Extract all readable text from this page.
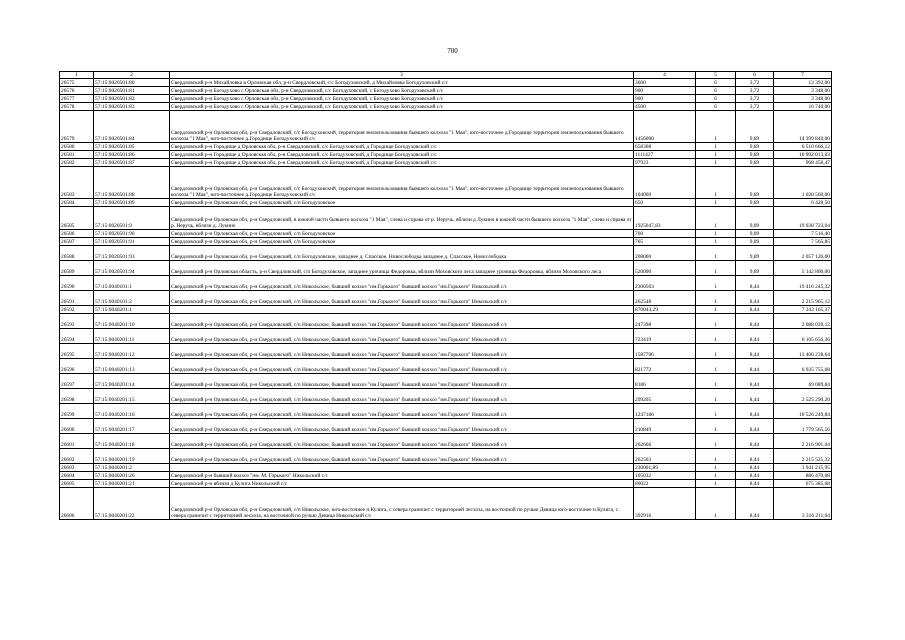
700
1	2	3	4	5	6	7
26575	57:15:0020501:80	Свердловский р-н Михайловка в Орловская обл, р-н Свердловский, с/с Богодуховский, д Михайловка Богодуховский с/с	3600	6	3,72	13 392,00
26576	57:15:0020501:81	Свердловский р-н Богодухово с Орловская обл, р-н Свердловский, с/с Богодуховский, с Богодухово Богодуховский с/с	900	6	3,72	3 348,00
26577	57:15:0020501:82	Свердловский р-н Богодухово с Орловская обл, р-н Свердловский, с/с Богодуховский, с Богодухово Богодуховский с/с	900	6	3,72	3 348,00
26578	57:15:0020501:83	Свердловский р-н Богодухово с Орловская обл, р-н Свердловский, с/с Богодуховский, с Богодухово Богодуховский с/с	4500	6	3,72	16 740,00
26579	57:15:0020501:84	Свердловский р-н Орловская обл, р-н Свердловский, с/с Богодуховский, территория землепользования бывшего колхоза "1 Мая", юго-восточнее д.Городище территория землепользования бывшего колхоза "1 Мая", юго-восточнее д.Городище Богодуховский с/с	1456000	1	9,89	14 399 840,00
26580	57:15:0020501:85	Свердловский р-н Городище д Орловская обл, р-н Свердловский, с/с Богодуховский, д Городище Богодуховский с/с	658308	1	9,89	6 510 666,12
26581	57:15:0020501:86	Свердловский р-н Городище д Орловская обл, р-н Свердловский, с/с Богодуховский, д Городище Богодуховский с/с	1111427	1	9,89	10 992 013,03
26582	57:15:0020501:87	Свердловский р-н Городище д Орловская обл, р-н Свердловский, с/с Богодуховский, д Городище Богодуховский с/с	97923	1	9,89	968 458,47
26583	57:15:0020501:88	Свердловский р-н Орловская обл, р-н Свердловский, с/с Богодуховский, территория землепользования бывшего колхоза "1 Мая", юго-восточнее д.Городище территория землепользования бывшего колхоза "1 Мая", юго-восточнее д.Городище Богодуховский с/с	104000	1	9,89	1 028 560,00
26584	57:15:0020501:89	Свердловский р-н Орловская обл, р-н Свердловский, с/п Богодуховское	650	1	9,89	6 428,50
26585	57:15:0020501:9	Свердловский р-н Орловская обл, р-н Свердловский, в южной части бывшего колхоза "1 Мая", слева и справа от р. Неручь, вблизи д Лукино в южной части бывшего колхоза "1 Мая", слева и справа от р. Неручь, вблизи д. Лукино	1925047,83	1	9,89	19 038 723,04
26586	57:15:0020501:90	Свердловский р-н Орловская обл, р-н Свердловский, с/п Богодуховское	760	1	9,89	7 516,40
26587	57:15:0020501:91	Свердловский р-н Орловская обл, р-н Свердловский, с/п Богодуховское	765	1	9,89	7 565,85
26588	57:15:0020501:93	Свердловский р-н Орловская обл, р-н Свердловский, с/п Богодуховское, западнее д. Спасское, Новослободка западнее д. Спасское, Новослободка	208000	1	9,89	2 057 120,00
26589	57:15:0020501:94	Свердловский р-н Орловская область, р-н Свердловский, с/п Богодуховское, западнее урочища Федоровка, вблизи Моховского леса западнее урочища Федоровка, вблизи Моховского леса	520000	1	9,89	5 142 800,00
26590	57:15:0040101:1	Свердловский р-н Орловская обл, р-н Свердловский, с/п Никольское, бывший колхоз "им.Горького" бывший колхоз "им.Горького" Никольский с/с	2300503	1	8,44	19 416 245,32
26591	57:15:0040101:2	Свердловский р-н Орловская обл, р-н Свердловский, с/п Никольское, бывший колхоз "им.Горького" бывший колхоз "им.Горького" Никольский с/с	262548	1	8,44	2 215 905,12
26592	57:15:0040201:1		870043,29	1	8,44	7 343 165,37
26593	57:15:0040201:10	Свердловский р-н Орловская обл, р-н Свердловский, с/п Никольское, бывший колхоз "им.Горького" бывший колхоз "им.Горького" Никольский с/с	247398	1	8,44	2 088 039,12
26594	57:15:0040201:11	Свердловский р-н Орловская обл, р-н Свердловский, с/п Никольское, бывший колхоз "им.Горького" бывший колхоз "им.Горького" Никольский с/с	723419	1	8,44	6 105 656,36
26595	57:15:0040201:12	Свердловский р-н Орловская обл, р-н Свердловский, с/п Никольское, бывший колхоз "им.Горького" бывший колхоз "им.Горького" Никольский с/с	1587706	1	8,44	13 400 238,64
26596	57:15:0040201:13	Свердловский р-н Орловская обл, р-н Свердловский, с/п Никольское, бывший колхоз "им.Горького" бывший колхоз "им.Горького" Никольский с/с	821772	1	8,44	6 935 755,68
26597	57:15:0040201:14	Свердловский р-н Орловская обл, р-н Свердловский, с/п Никольское, бывший колхоз "им.Горького" бывший колхоз "им.Горького" Никольский с/с	8186	1	8,44	69 089,84
26598	57:15:0040201:15	Свердловский р-н Орловская обл, р-н Свердловский, с/п Никольское, бывший колхоз "им.Горького" бывший колхоз "им.Горького" Никольский с/с	299205	1	8,44	2 525 290,20
26599	57:15:0040201:16	Свердловский р-н Орловская обл, р-н Свердловский, с/п Никольское, бывший колхоз "им.Горького" бывший колхоз "им.Горького" Никольский с/с	1247186	1	8,44	10 526 249,84
26600	57:15:0040201:17	Свердловский р-н Орловская обл, р-н Свердловский, с/п Никольское, бывший колхоз "им.Горького" бывший колхоз "им.Горького" Никольский с/с	210849	1	8,44	1 779 565,56
26601	57:15:0040201:18	Свердловский р-н Орловская обл, р-н Свердловский, с/п Никольское, бывший колхоз "им.Горького" бывший колхоз "им.Горького" Никольский с/с	262666	1	8,44	2 216 901,04
26602	57:15:0040201:19	Свердловский р-н Орловская обл, р-н Свердловский, с/п Никольское, бывший колхоз "им.Горького" бывший колхоз "им.Горького" Никольский с/с	262503	1	8,44	2 215 525,32
26603	57:15:0040201:2		230001,89	1	8,44	1 941 215,95
26604	57:15:0040201:20	Свердловский р-н бывший колхоз "им. М. Горького" Никольский с/с	105032	1	8,44	886 470,08
26605	57:15:0040201:21	Свердловский р-н вблизи д Кулига Никольский с/с	80022	1	8,44	675 385,68
26606	57:15:0040201:22	Свердловский р-н Орловская обл, р-н Свердловский, с/п Никольское, юго-восточнее п.Кулига, с севера граничит с территорией лесхоза, на восточной по ручью Девица юго-восточнее п.Кулига, с севера граничит с территорией лесхоза, на восточной по ручью Девица Никольский с/с	392916	1	8,44	3 316 211,04
